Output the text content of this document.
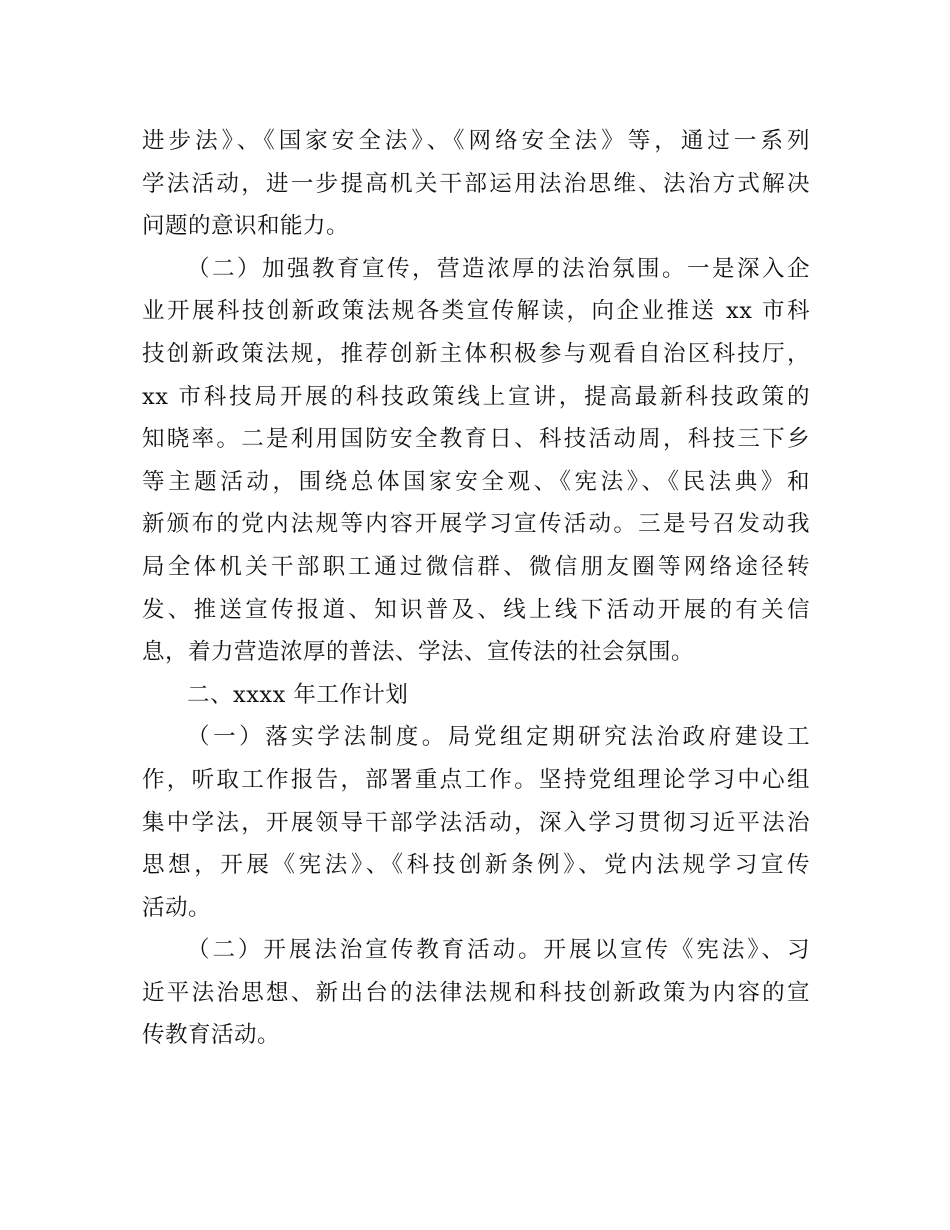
进步法》、《国家安全法》、《网络安全法》等，通过一系列
学法活动，进一步提高机关干部运用法治思维、法治方式解决
问题的意识和能力。
（二）加强教育宣传，营造浓厚的法治氛围。一是深入企
业开展科技创新政策法规各类宣传解读，向企业推送 xx 市科
技创新政策法规，推荐创新主体积极参与观看自治区科技厅，
xx 市科技局开展的科技政策线上宣讲，提高最新科技政策的
知晓率。二是利用国防安全教育日、科技活动周，科技三下乡
等主题活动，围绕总体国家安全观、《宪法》、《民法典》和
新颁布的党内法规等内容开展学习宣传活动。三是号召发动我
局全体机关干部职工通过微信群、微信朋友圈等网络途径转
发、推送宣传报道、知识普及、线上线下活动开展的有关信
息，着力营造浓厚的普法、学法、宣传法的社会氛围。
二、xxxx 年工作计划
（一）落实学法制度。局党组定期研究法治政府建设工
作，听取工作报告，部署重点工作。坚持党组理论学习中心组
集中学法，开展领导干部学法活动，深入学习贯彻习近平法治
思想，开展《宪法》、《科技创新条例》、党内法规学习宣传
活动。
（二）开展法治宣传教育活动。开展以宣传《宪法》、习
近平法治思想、新出台的法律法规和科技创新政策为内容的宣
传教育活动。
